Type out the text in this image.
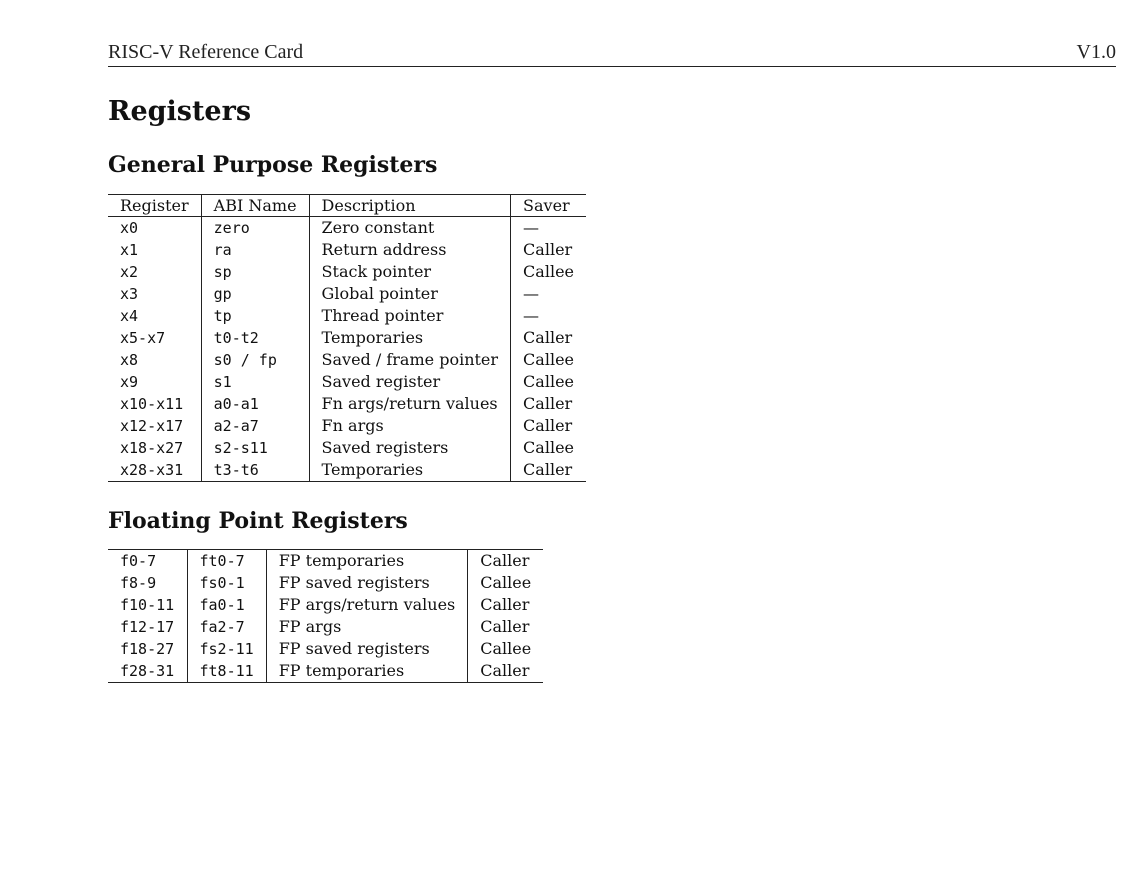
RISC-V Reference Card	V1.0
Registers
General Purpose Registers
Register	ABI Name	Description	Saver
x0	zero	Zero constant	—
x1	ra	Return address	Caller
x2	sp	Stack pointer	Callee
x3	gp	Global pointer	—
x4	tp	Thread pointer	—
x5-x7	t0-t2	Temporaries	Caller
x8	s0 / fp	Saved / frame pointer	Callee
x9	s1	Saved register	Callee
x10-x11	a0-a1	Fn args/return values	Caller
x12-x17	a2-a7	Fn args	Caller
x18-x27	s2-s11	Saved registers	Callee
x28-x31	t3-t6	Temporaries	Caller
Floating Point Registers
f0-7	ft0-7	FP temporaries	Caller
f8-9	fs0-1	FP saved registers	Callee
f10-11	fa0-1	FP args/return values	Caller
f12-17	fa2-7	FP args	Caller
f18-27	fs2-11	FP saved registers	Callee
f28-31	ft8-11	FP temporaries	Caller
